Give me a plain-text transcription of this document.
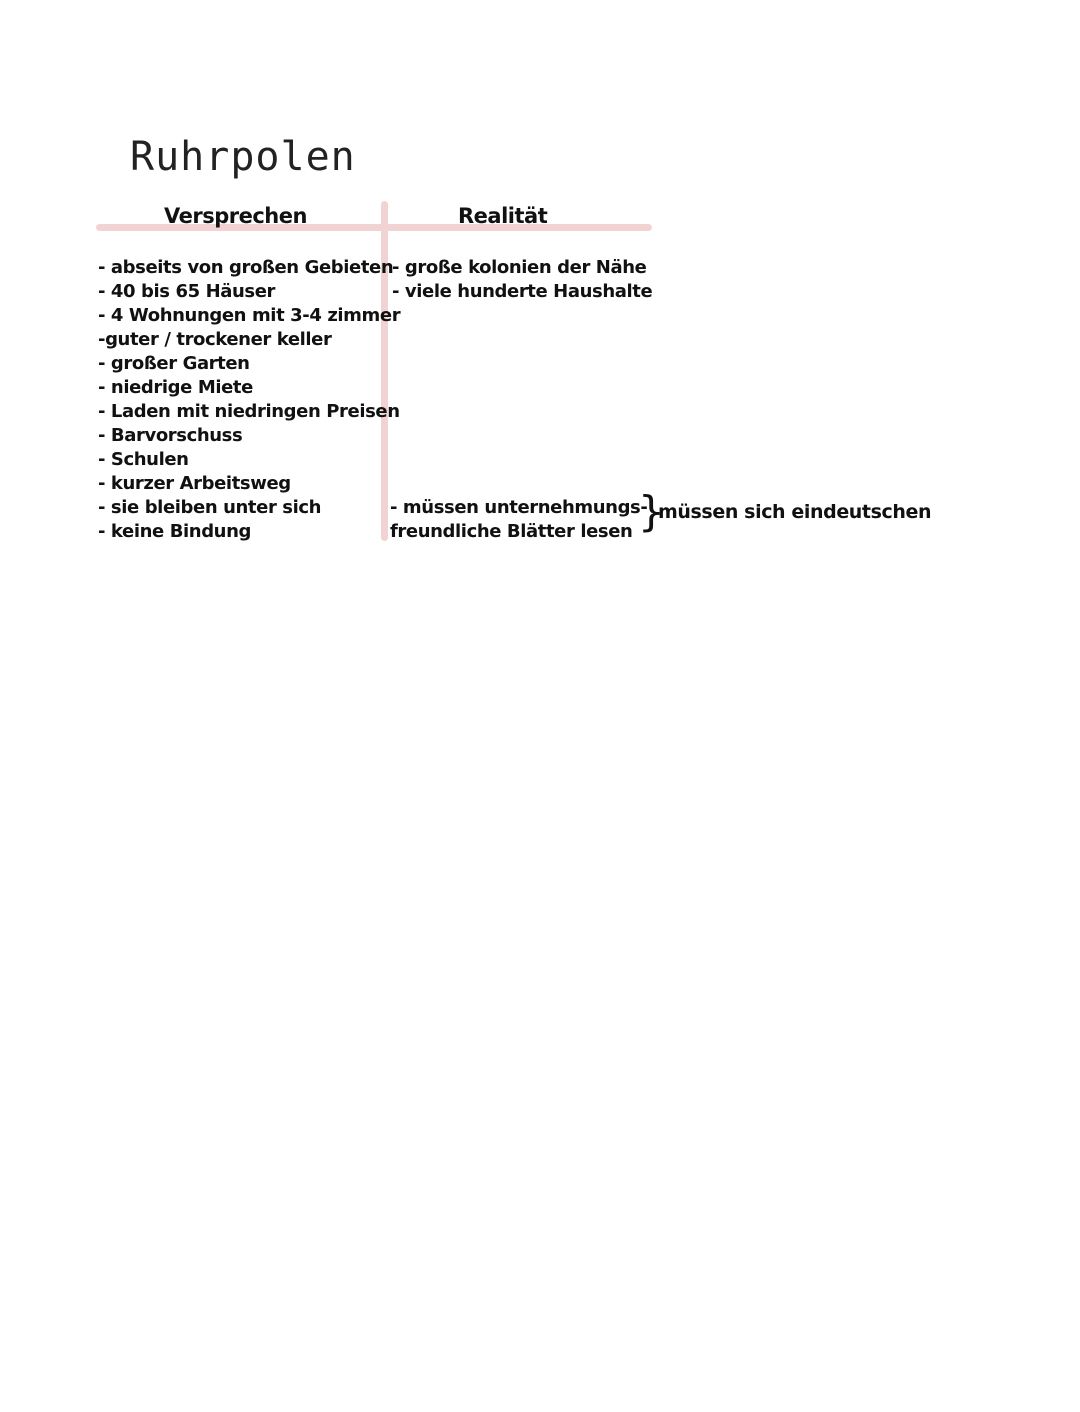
Ruhrpolen
Versprechen	Realität
- abseits von großen Gebieten
- 40 bis 65 Häuser
- 4 Wohnungen mit 3-4 zimmer
-guter / trockener keller
- großer Garten
- niedrige Miete
- Laden mit niedringen Preisen
- Barvorschuss
- Schulen
- kurzer Arbeitsweg
- sie bleiben unter sich
- keine Bindung
- große kolonien der Nähe
- viele hunderte Haushalte
- müssen unternehmungs-
freundliche Blätter lesen }
müssen sich eindeutschen
